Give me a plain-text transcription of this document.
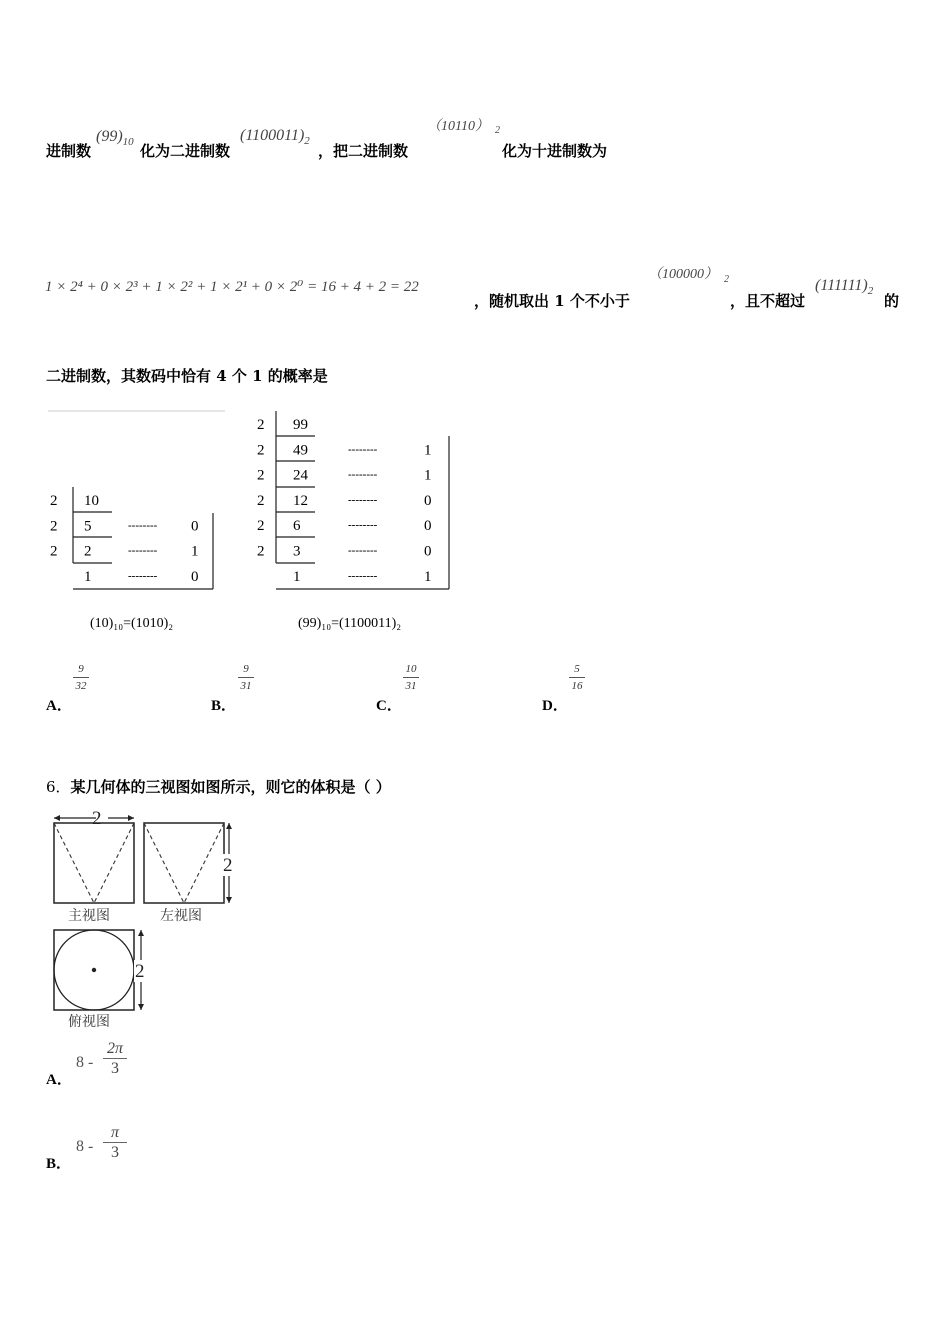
进制数
$(99)_{10}$ 化为二进制数
$(1100011)_2$
，把二进制数
（10110） 2
化为十进制数为
1 × 2⁴ + 0 × 2³ + 1 × 2² + 1 × 2¹ + 0 × 2⁰ = 16 + 4 + 2 = 22
，随机取出 1 个不小于
（100000） 2
，且不超过
$(111111)_2$
的
二进制数，其数码中恰有 4 个 1 的概率是
2 10
2 5	-------- 0
2 2	-------- 1
1	-------- 0
(10)₁₀=(1010)₂
2 99
2 49	--------	1
2 24	--------	1
2 12	--------	0
2 6	--------	0
2 3	--------	0
1	--------	1
(99)₁₀=(1100011)₂
A．
9
32
B．
9
31
C．
10
31
D．
5
16
6．某几何体的三视图如图所示，则它的体积是（ ）
2
主视图
2
左视图
2
俯视图
A．
8 -
2π
3
B．
8 -
π
3
